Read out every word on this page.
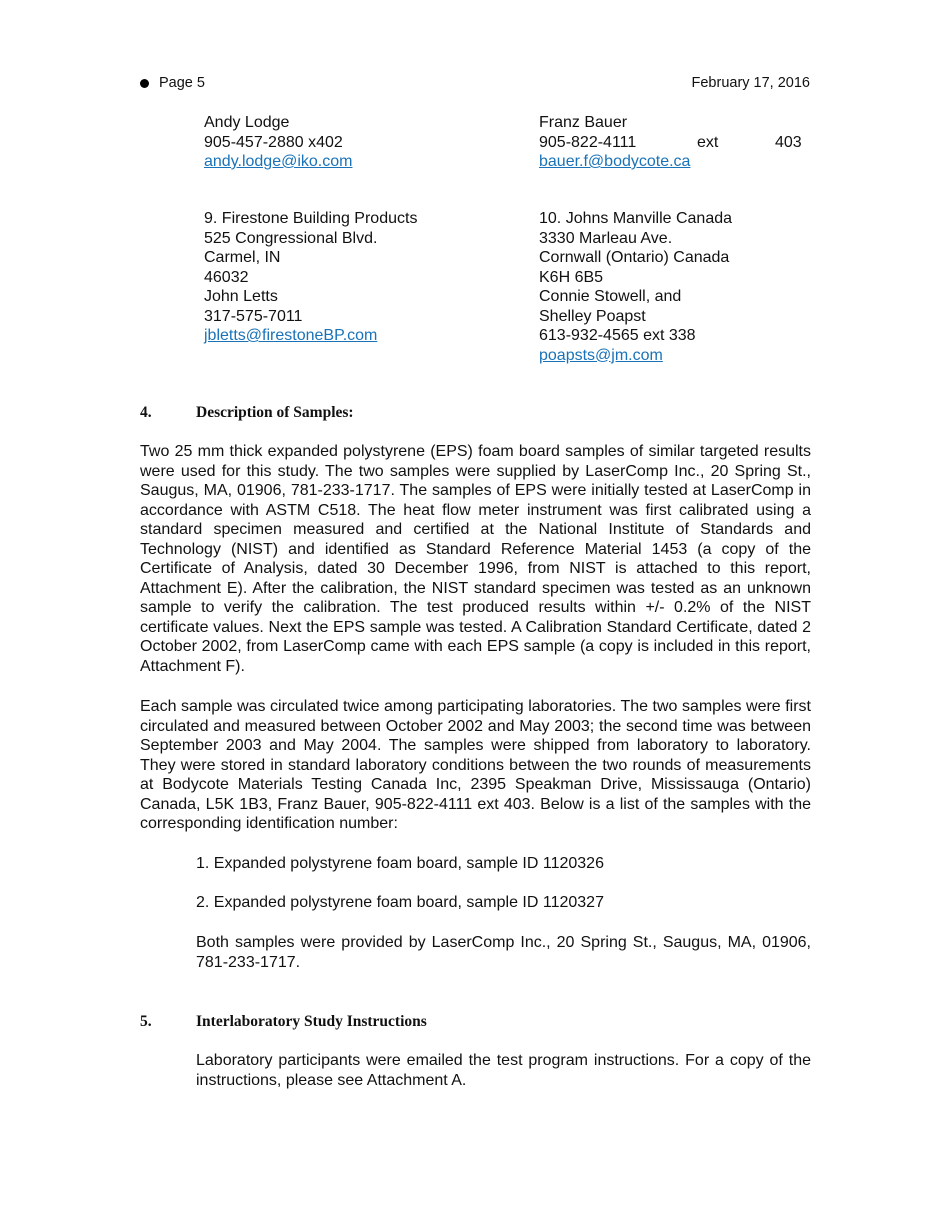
Page 5	February 17, 2016
Andy Lodge
905-457-2880 x402
andy.lodge@iko.com
Franz Bauer
905-822-4111
bauer.f@bodycote.ca
ext	403
9. Firestone Building Products
525 Congressional Blvd.
Carmel, IN
46032
John Letts
317-575-7011
jbletts@firestoneBP.com
10. Johns Manville Canada
3330 Marleau Ave.
Cornwall (Ontario) Canada
K6H 6B5
Connie Stowell, and
Shelley Poapst
613-932-4565 ext 338
poapsts@jm.com
4.	Description of Samples:
Two 25 mm thick expanded polystyrene (EPS) foam board samples of similar targeted results were used for this study. The two samples were supplied by LaserComp Inc., 20 Spring St., Saugus, MA, 01906, 781-233-1717. The samples of EPS were initially tested at LaserComp in accordance with ASTM C518. The heat flow meter instrument was first calibrated using a standard specimen measured and certified at the National Institute of Standards and Technology (NIST) and identified as Standard Reference Material 1453 (a copy of the Certificate of Analysis, dated 30 December 1996, from NIST is attached to this report, Attachment E). After the calibration, the NIST standard specimen was tested as an unknown sample to verify the calibration. The test produced results within +/- 0.2% of the NIST certificate values. Next the EPS sample was tested. A Calibration Standard Certificate, dated 2 October 2002, from LaserComp came with each EPS sample (a copy is included in this report, Attachment F).
Each sample was circulated twice among participating laboratories. The two samples were first circulated and measured between October 2002 and May 2003; the second time was between September 2003 and May 2004. The samples were shipped from laboratory to laboratory. They were stored in standard laboratory conditions between the two rounds of measurements at Bodycote Materials Testing Canada Inc, 2395 Speakman Drive, Mississauga (Ontario) Canada, L5K 1B3, Franz Bauer, 905-822-4111 ext 403. Below is a list of the samples with the corresponding identification number:
1. Expanded polystyrene foam board, sample ID 1120326
2. Expanded polystyrene foam board, sample ID 1120327
Both samples were provided by LaserComp Inc., 20 Spring St., Saugus, MA, 01906, 781-233-1717.
5.	Interlaboratory Study Instructions
Laboratory participants were emailed the test program instructions. For a copy of the instructions, please see Attachment A.
